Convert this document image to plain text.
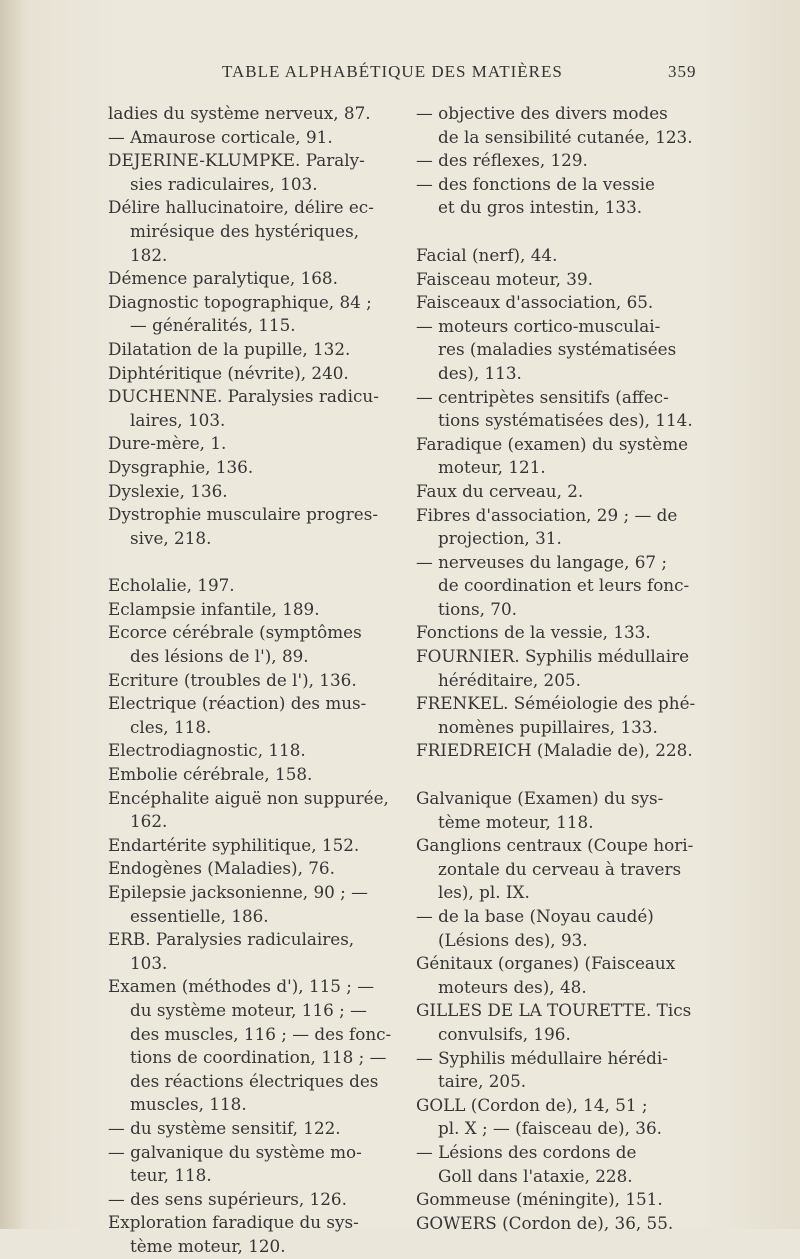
TABLE ALPHABÉTIQUE DES MATIÈRES	359
ladies du système nerveux, 87.
— Amaurose corticale, 91.
DEJERINE-KLUMPKE. Paraly-
sies radiculaires, 103.
Délire hallucinatoire, délire ec-
mirésique des hystériques,
182.
Démence paralytique, 168.
Diagnostic topographique, 84 ;
— généralités, 115.
Dilatation de la pupille, 132.
Diphtéritique (névrite), 240.
DUCHENNE. Paralysies radicu-
laires, 103.
Dure-mère, 1.
Dysgraphie, 136.
Dyslexie, 136.
Dystrophie musculaire progres-
sive, 218.
Echolalie, 197.
Eclampsie infantile, 189.
Ecorce cérébrale (symptômes
des lésions de l'), 89.
Ecriture (troubles de l'), 136.
Electrique (réaction) des mus-
cles, 118.
Electrodiagnostic, 118.
Embolie cérébrale, 158.
Encéphalite aiguë non suppurée,
162.
Endartérite syphilitique, 152.
Endogènes (Maladies), 76.
Epilepsie jacksonienne, 90 ; —
essentielle, 186.
ERB. Paralysies radiculaires,
103.
Examen (méthodes d'), 115 ; —
du système moteur, 116 ; —
des muscles, 116 ; — des fonc-
tions de coordination, 118 ; —
des réactions électriques des
muscles, 118.
— du système sensitif, 122.
— galvanique du système mo-
teur, 118.
— des sens supérieurs, 126.
Exploration faradique du sys-
tème moteur, 120.
— objective des divers modes
de la sensibilité cutanée, 123.
— des réflexes, 129.
— des fonctions de la vessie
et du gros intestin, 133.
Facial (nerf), 44.
Faisceau moteur, 39.
Faisceaux d'association, 65.
— moteurs cortico-musculai-
res (maladies systématisées
des), 113.
— centripètes sensitifs (affec-
tions systématisées des), 114.
Faradique (examen) du système
moteur, 121.
Faux du cerveau, 2.
Fibres d'association, 29 ; — de
projection, 31.
— nerveuses du langage, 67 ;
de coordination et leurs fonc-
tions, 70.
Fonctions de la vessie, 133.
FOURNIER. Syphilis médullaire
héréditaire, 205.
FRENKEL. Séméiologie des phé-
nomènes pupillaires, 133.
FRIEDREICH (Maladie de), 228.
Galvanique (Examen) du sys-
tème moteur, 118.
Ganglions centraux (Coupe hori-
zontale du cerveau à travers
les), pl. IX.
— de la base (Noyau caudé)
(Lésions des), 93.
Génitaux (organes) (Faisceaux
moteurs des), 48.
GILLES DE LA TOURETTE. Tics
convulsifs, 196.
— Syphilis médullaire hérédi-
taire, 205.
GOLL (Cordon de), 14, 51 ;
pl. X ; — (faisceau de), 36.
— Lésions des cordons de
Goll dans l'ataxie, 228.
Gommeuse (méningite), 151.
GOWERS (Cordon de), 36, 55.
